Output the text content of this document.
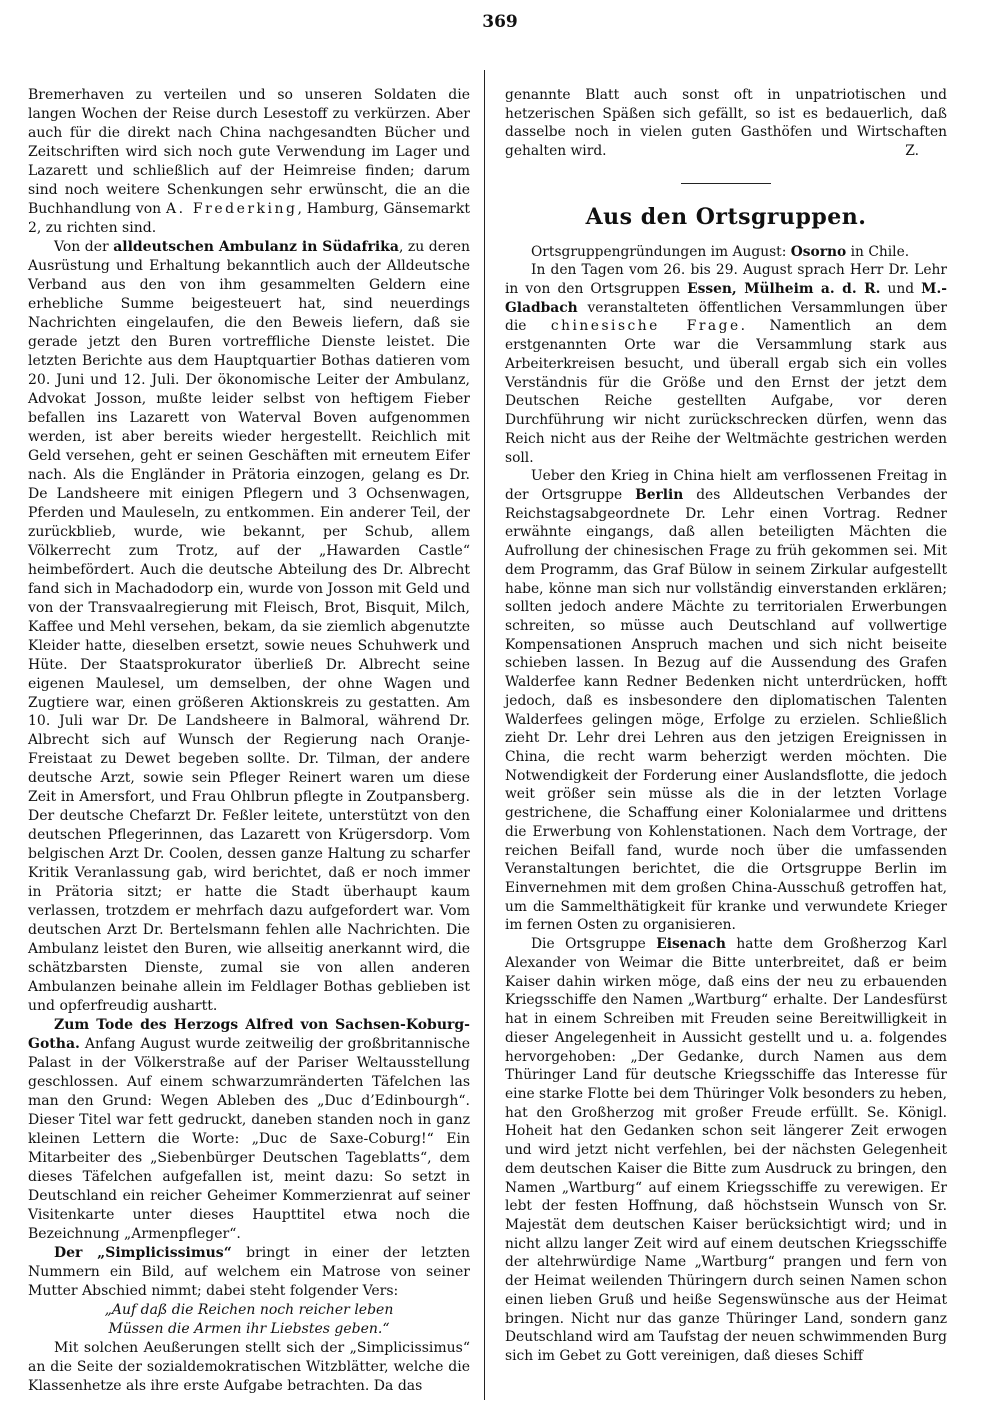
369

Bremerhaven zu verteilen und so unseren Soldaten die langen Wochen der Reise durch Lesestoff zu verkürzen. Aber auch für die direkt nach China nachgesandten Bücher und Zeitschriften wird sich noch gute Verwendung im Lager und Lazarett und schließlich auf der Heimreise finden; darum sind noch weitere Schenkungen sehr erwünscht, die an die Buchhandlung von A. Frederking, Hamburg, Gänsemarkt 2, zu richten sind.

Von der alldeutschen Ambulanz in Südafrika, zu deren Ausrüstung und Erhaltung bekanntlich auch der Alldeutsche Verband aus den von ihm gesammelten Geldern eine erhebliche Summe beigesteuert hat, sind neuerdings Nachrichten eingelaufen, die den Beweis liefern, daß sie gerade jetzt den Buren vortreffliche Dienste leistet. Die letzten Berichte aus dem Hauptquartier Bothas datieren vom 20. Juni und 12. Juli. Der ökonomische Leiter der Ambulanz, Advokat Josson, mußte leider selbst von heftigem Fieber befallen ins Lazarett von Waterval Boven aufgenommen werden, ist aber bereits wieder hergestellt. Reichlich mit Geld versehen, geht er seinen Geschäften mit erneutem Eifer nach. Als die Engländer in Prätoria einzogen, gelang es Dr. De Landsheere mit einigen Pflegern und 3 Ochsenwagen, Pferden und Mauleseln, zu entkommen. Ein anderer Teil, der zurückblieb, wurde, wie bekannt, per Schub, allem Völkerrecht zum Trotz, auf der „Hawarden Castle“ heimbefördert. Auch die deutsche Abteilung des Dr. Albrecht fand sich in Machadodorp ein, wurde von Josson mit Geld und von der Transvaalregierung mit Fleisch, Brot, Bisquit, Milch, Kaffee und Mehl versehen, bekam, da sie ziemlich abgenutzte Kleider hatte, dieselben ersetzt, sowie neues Schuhwerk und Hüte. Der Staatsprokurator überließ Dr. Albrecht seine eigenen Maulesel, um demselben, der ohne Wagen und Zugtiere war, einen größeren Aktionskreis zu gestatten. Am 10. Juli war Dr. De Landsheere in Balmoral, während Dr. Albrecht sich auf Wunsch der Regierung nach Oranje-Freistaat zu Dewet begeben sollte. Dr. Tilman, der andere deutsche Arzt, sowie sein Pfleger Reinert waren um diese Zeit in Amersfort, und Frau Ohlbrun pflegte in Zoutpansberg. Der deutsche Chefarzt Dr. Feßler leitete, unterstützt von den deutschen Pflegerinnen, das Lazarett von Krügersdorp. Vom belgischen Arzt Dr. Coolen, dessen ganze Haltung zu scharfer Kritik Veranlassung gab, wird berichtet, daß er noch immer in Prätoria sitzt; er hatte die Stadt überhaupt kaum verlassen, trotzdem er mehrfach dazu aufgefordert war. Vom deutschen Arzt Dr. Bertelsmann fehlen alle Nachrichten. Die Ambulanz leistet den Buren, wie allseitig anerkannt wird, die schätzbarsten Dienste, zumal sie von allen anderen Ambulanzen beinahe allein im Feldlager Bothas geblieben ist und opferfreudig aushartt.

Zum Tode des Herzogs Alfred von Sachsen-Koburg-Gotha. Anfang August wurde zeitweilig der großbritannische Palast in der Völkerstraße auf der Pariser Weltausstellung geschlossen. Auf einem schwarzumränderten Täfelchen las man den Grund: Wegen Ableben des „Duc d’Edinbourgh“. Dieser Titel war fett gedruckt, daneben standen noch in ganz kleinen Lettern die Worte: „Duc de Saxe-Coburg!“ Ein Mitarbeiter des „Siebenbürger Deutschen Tageblatts“, dem dieses Täfelchen aufgefallen ist, meint dazu: So setzt in Deutschland ein reicher Geheimer Kommerzienrat auf seiner Visitenkarte unter dieses Haupttitel etwa noch die Bezeichnung „Armenpfleger“.

Der „Simplicissimus“ bringt in einer der letzten Nummern ein Bild, auf welchem ein Matrose von seiner Mutter Abschied nimmt; dabei steht folgender Vers:

„Auf daß die Reichen noch reicher leben

Müssen die Armen ihr Liebstes geben.“

Mit solchen Aeußerungen stellt sich der „Simplicissimus“ an die Seite der sozialdemokratischen Witzblätter, welche die Klassenhetze als ihre erste Aufgabe betrachten. Da das

genannte Blatt auch sonst oft in unpatriotischen und hetzerischen Späßen sich gefällt, so ist es bedauerlich, daß dasselbe noch in vielen guten Gasthöfen und Wirtschaften gehalten wird.	Z.

Aus den Ortsgruppen.

Ortsgruppengründungen im August: Osorno in Chile.

In den Tagen vom 26. bis 29. August sprach Herr Dr. Lehr in von den Ortsgruppen Essen, Mülheim a. d. R. und M.-Gladbach veranstalteten öffentlichen Versammlungen über die chinesische Frage. Namentlich an dem erstgenannten Orte war die Versammlung stark aus Arbeiterkreisen besucht, und überall ergab sich ein volles Verständnis für die Größe und den Ernst der jetzt dem Deutschen Reiche gestellten Aufgabe, vor deren Durchführung wir nicht zurückschrecken dürfen, wenn das Reich nicht aus der Reihe der Weltmächte gestrichen werden soll.

Ueber den Krieg in China hielt am verflossenen Freitag in der Ortsgruppe Berlin des Alldeutschen Verbandes der Reichstagsabgeordnete Dr. Lehr einen Vortrag. Redner erwähnte eingangs, daß allen beteiligten Mächten die Aufrollung der chinesischen Frage zu früh gekommen sei. Mit dem Programm, das Graf Bülow in seinem Zirkular aufgestellt habe, könne man sich nur vollständig einverstanden erklären; sollten jedoch andere Mächte zu territorialen Erwerbungen schreiten, so müsse auch Deutschland auf vollwertige Kompensationen Anspruch machen und sich nicht beiseite schieben lassen. In Bezug auf die Aussendung des Grafen Walderfee kann Redner Bedenken nicht unterdrücken, hofft jedoch, daß es insbesondere den diplomatischen Talenten Walderfees gelingen möge, Erfolge zu erzielen. Schließlich zieht Dr. Lehr drei Lehren aus den jetzigen Ereignissen in China, die recht warm beherzigt werden möchten. Die Notwendigkeit der Forderung einer Auslandsflotte, die jedoch weit größer sein müsse als die in der letzten Vorlage gestrichene, die Schaffung einer Kolonialarmee und drittens die Erwerbung von Kohlenstationen. Nach dem Vortrage, der reichen Beifall fand, wurde noch über die umfassenden Veranstaltungen berichtet, die die Ortsgruppe Berlin im Einvernehmen mit dem großen China-Ausschuß getroffen hat, um die Sammelthätigkeit für kranke und verwundete Krieger im fernen Osten zu organisieren.

Die Ortsgruppe Eisenach hatte dem Großherzog Karl Alexander von Weimar die Bitte unterbreitet, daß er beim Kaiser dahin wirken möge, daß eins der neu zu erbauenden Kriegsschiffe den Namen „Wartburg“ erhalte. Der Landesfürst hat in einem Schreiben mit Freuden seine Bereitwilligkeit in dieser Angelegenheit in Aussicht gestellt und u. a. folgendes hervorgehoben: „Der Gedanke, durch Namen aus dem Thüringer Land für deutsche Kriegsschiffe das Interesse für eine starke Flotte bei dem Thüringer Volk besonders zu heben, hat den Großherzog mit großer Freude erfüllt. Se. Königl. Hoheit hat den Gedanken schon seit längerer Zeit erwogen und wird jetzt nicht verfehlen, bei der nächsten Gelegenheit dem deutschen Kaiser die Bitte zum Ausdruck zu bringen, den Namen „Wartburg“ auf einem Kriegsschiffe zu verewigen. Er lebt der festen Hoffnung, daß höchstsein Wunsch von Sr. Majestät dem deutschen Kaiser berücksichtigt wird; und in nicht allzu langer Zeit wird auf einem deutschen Kriegsschiffe der altehrwürdige Name „Wartburg“ prangen und fern von der Heimat weilenden Thüringern durch seinen Namen schon einen lieben Gruß und heiße Segenswünsche aus der Heimat bringen. Nicht nur das ganze Thüringer Land, sondern ganz Deutschland wird am Taufstag der neuen schwimmenden Burg sich im Gebet zu Gott vereinigen, daß dieses Schiff
